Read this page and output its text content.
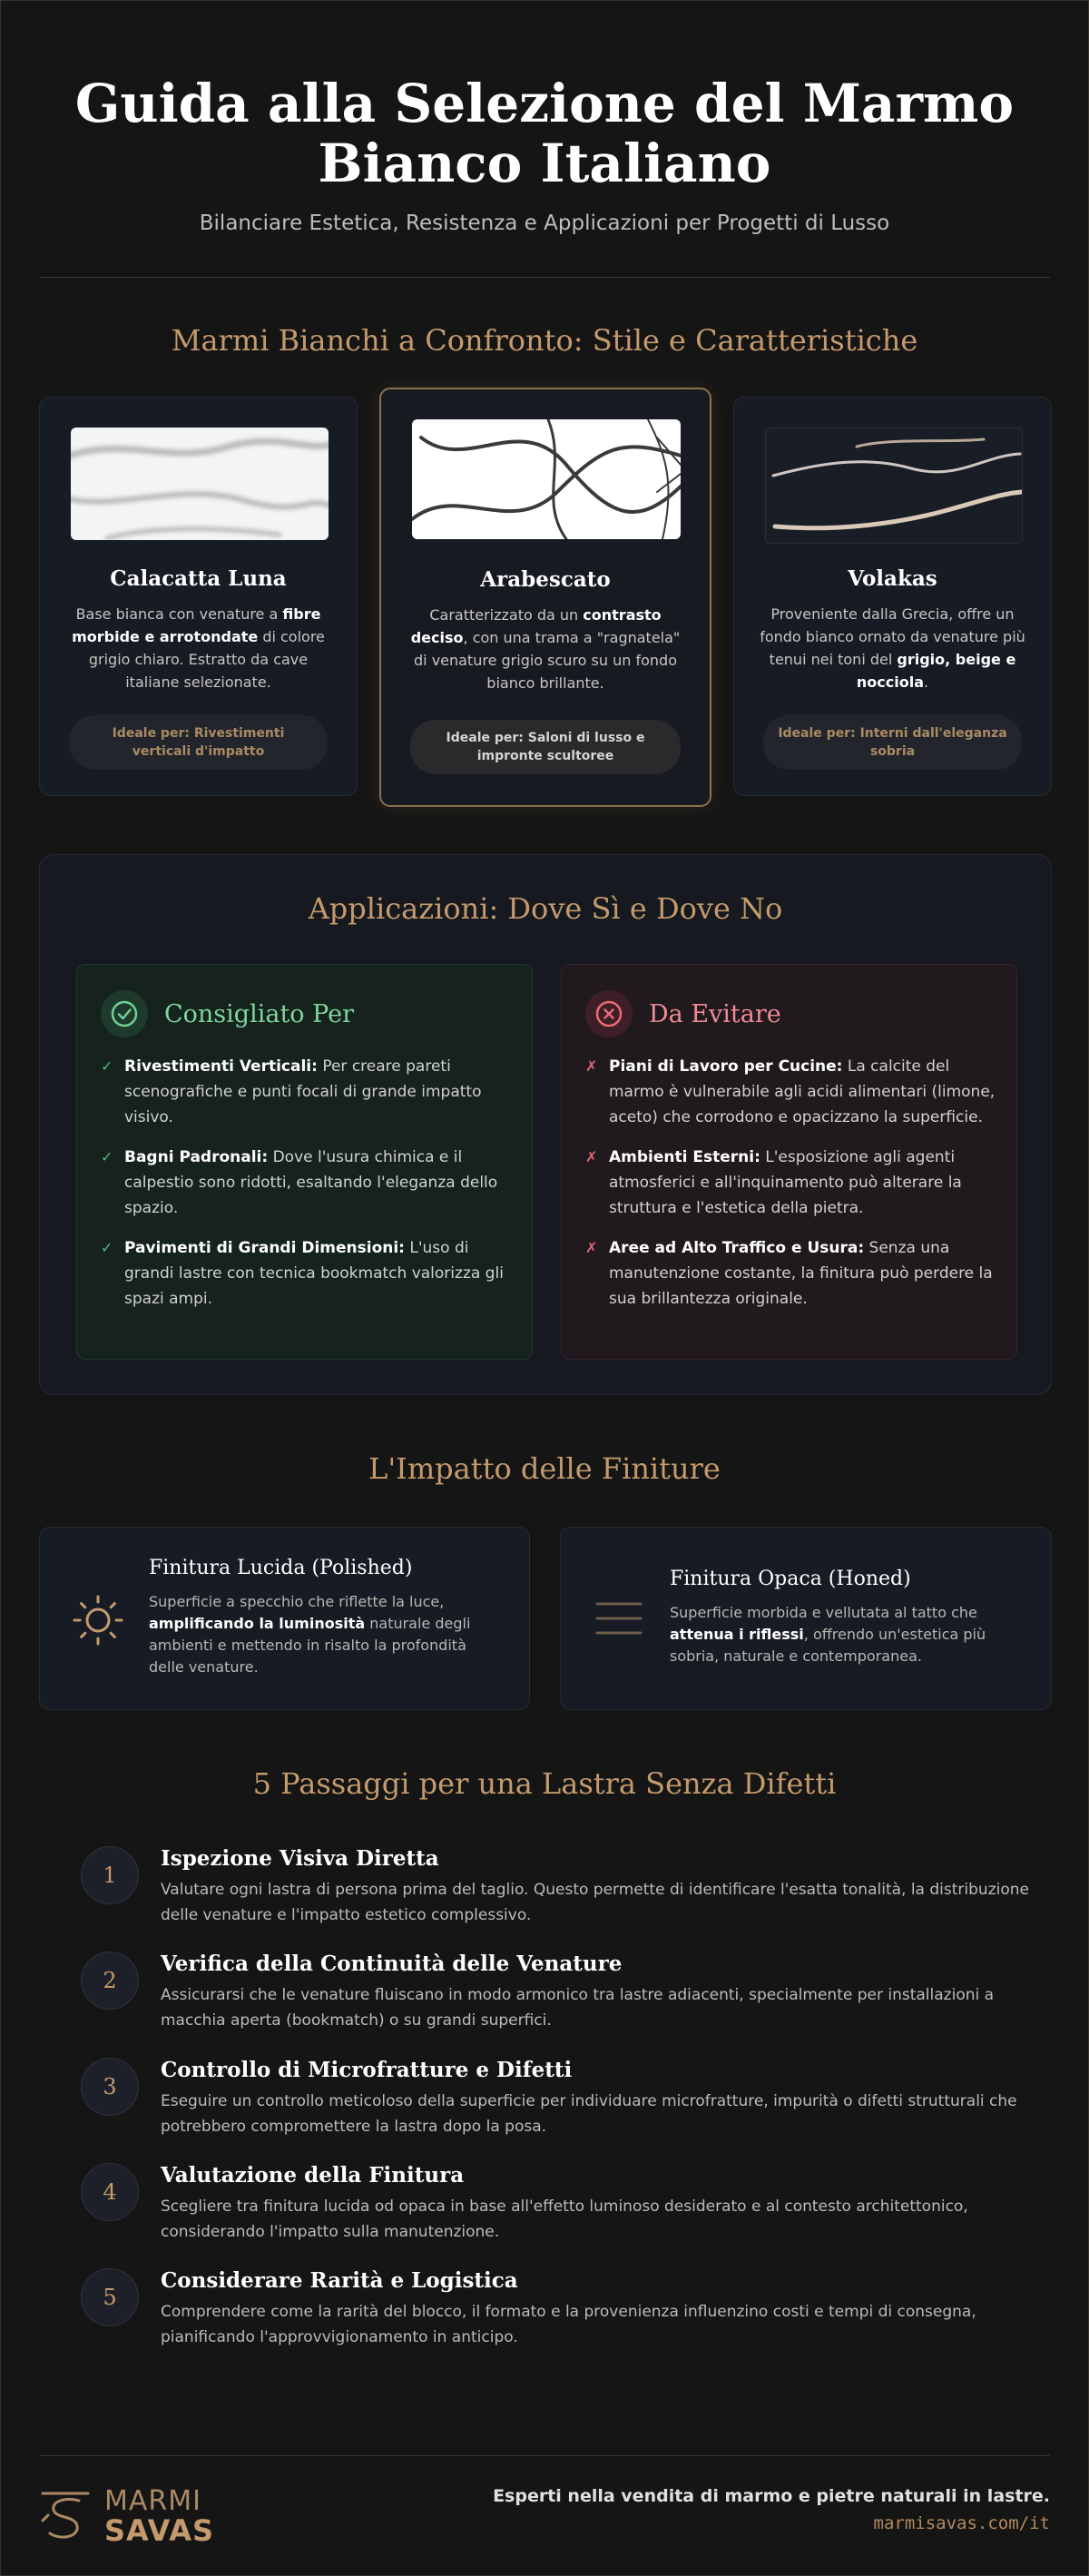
Guida alla Selezione del Marmo Bianco Italiano

Bilanciare Estetica, Resistenza e Applicazioni per Progetti di Lusso

Marmi Bianchi a Confronto: Stile e Caratteristiche
Calacatta Luna
Base bianca con venature a fibre morbide e arrotondate di colore grigio chiaro. Estratto da cave italiane selezionate.
Ideale per: Rivestimenti verticali d'impatto
Arabescato
Caratterizzato da un contrasto deciso, con una trama a "ragnatela" di venature grigio scuro su un fondo bianco brillante.
Ideale per: Saloni di lusso e impronte scultoree
Volakas
Proveniente dalla Grecia, offre un fondo bianco ornato da venature più tenui nei toni del grigio, beige e nocciola.
Ideale per: Interni dall'eleganza sobria
Applicazioni: Dove Sì e Dove No
Consigliato Per
✓ Rivestimenti Verticali: Per creare pareti scenografiche e punti focali di grande impatto visivo.
✓ Bagni Padronali: Dove l'usura chimica e il calpestio sono ridotti, esaltando l'eleganza dello spazio.
✓ Pavimenti di Grandi Dimensioni: L'uso di grandi lastre con tecnica bookmatch valorizza gli spazi ampi.
Da Evitare
✗ Piani di Lavoro per Cucine: La calcite del marmo è vulnerabile agli acidi alimentari (limone, aceto) che corrodono e opacizzano la superficie.
✗ Ambienti Esterni: L'esposizione agli agenti atmosferici e all'inquinamento può alterare la struttura e l'estetica della pietra.
✗ Aree ad Alto Traffico e Usura: Senza una manutenzione costante, la finitura può perdere la sua brillantezza originale.
L'Impatto delle Finiture
Finitura Lucida (Polished)
Superficie a specchio che riflette la luce, amplificando la luminosità naturale degli ambienti e mettendo in risalto la profondità delle venature.
Finitura Opaca (Honed)
Superficie morbida e vellutata al tatto che attenua i riflessi, offrendo un'estetica più sobria, naturale e contemporanea.
5 Passaggi per una Lastra Senza Difetti
1
Ispezione Visiva Diretta
Valutare ogni lastra di persona prima del taglio. Questo permette di identificare l'esatta tonalità, la distribuzione delle venature e l'impatto estetico complessivo.
2
Verifica della Continuità delle Venature
Assicurarsi che le venature fluiscano in modo armonico tra lastre adiacenti, specialmente per installazioni a macchia aperta (bookmatch) o su grandi superfici.
3
Controllo di Microfratture e Difetti
Eseguire un controllo meticoloso della superficie per individuare microfratture, impurità o difetti strutturali che potrebbero compromettere la lastra dopo la posa.
4
Valutazione della Finitura
Scegliere tra finitura lucida od opaca in base all'effetto luminoso desiderato e al contesto architettonico, considerando l'impatto sulla manutenzione.
5
Considerare Rarità e Logistica
Comprendere come la rarità del blocco, il formato e la provenienza influenzino costi e tempi di consegna, pianificando l'approvvigionamento in anticipo.
MARMI
SAVAS
Esperti nella vendita di marmo e pietre naturali in lastre.
marmisavas.com/it
